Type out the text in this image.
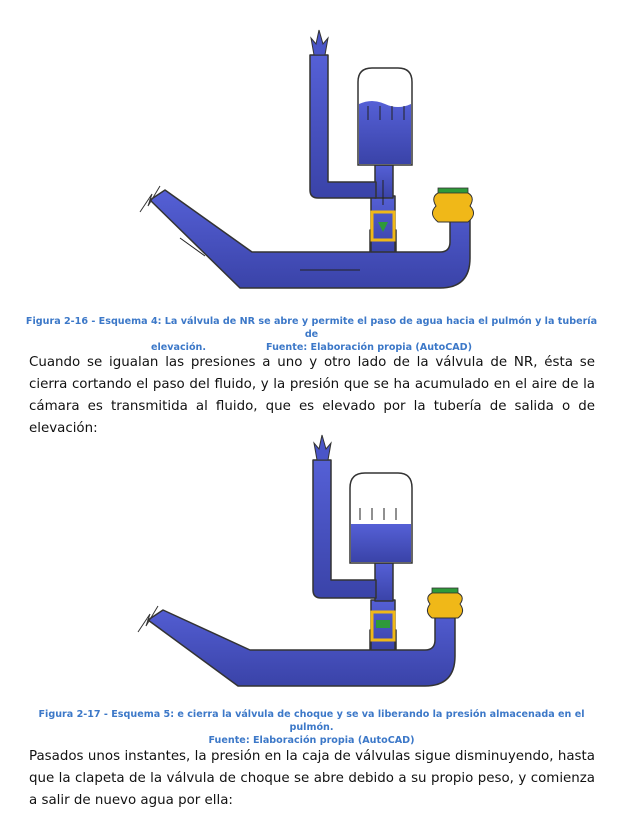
Figura 2-16 - Esquema 4: La válvula de NR se abre y permite el paso de agua hacia el pulmón y la tubería de
elevación.	Fuente: Elaboración propia (AutoCAD)

Cuando se igualan las presiones a uno y otro lado de la válvula de NR, ésta se cierra cortando el paso del fluido, y la presión que se ha acumulado en el aire de la cámara es transmitida al fluido, que es elevado por la tubería de salida o de elevación:

Figura 2-17 - Esquema 5: e cierra la válvula de choque y se va liberando la presión almacenada en el pulmón.
Fuente: Elaboración propia (AutoCAD)

Pasados unos instantes, la presión en la caja de válvulas sigue disminuyendo, hasta que la clapeta de la válvula de choque se abre debido a su propio peso, y comienza a salir de nuevo agua por ella:
